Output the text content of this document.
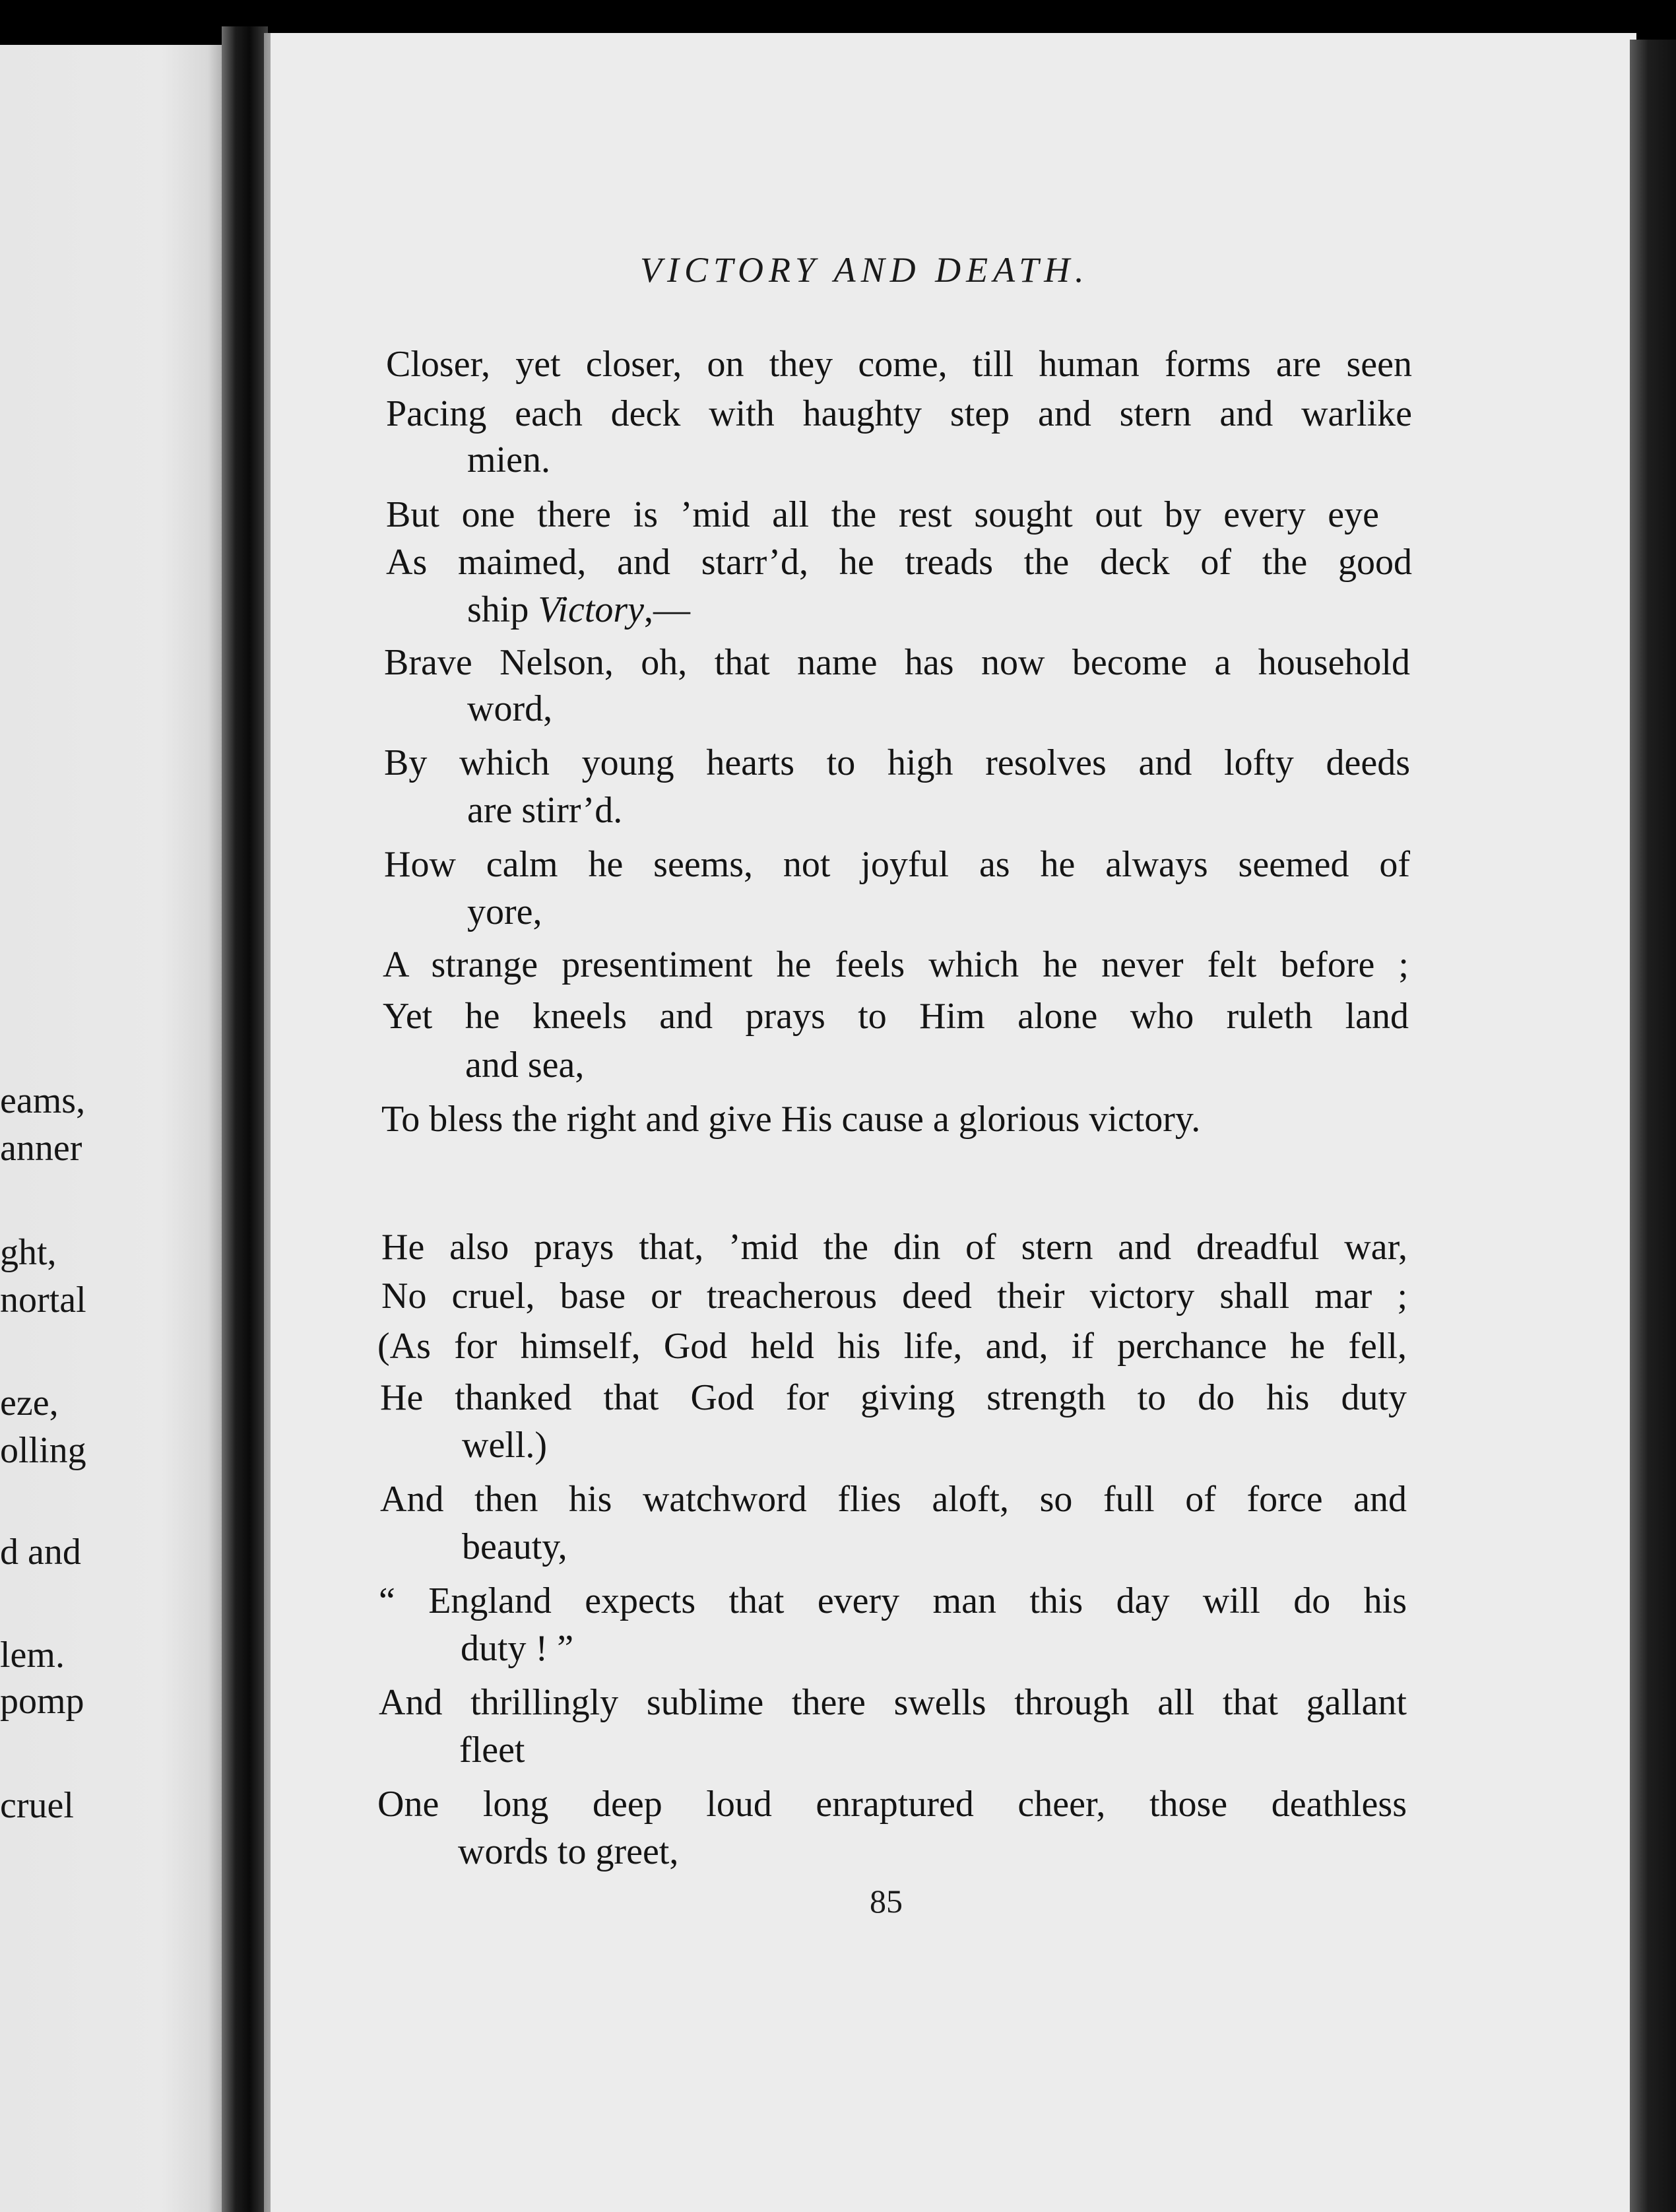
eams,
anner
ght,
nortal
eze,
olling
d and
lem.
pomp
cruel
VICTORY AND DEATH.
Closer, yet closer, on they come, till human forms are seen
Pacing each deck with haughty step and stern and warlike
mien.
But one there is ’mid all the rest sought out by every eye
As maimed, and starr’d, he treads the deck of the good
ship Victory,—
Brave Nelson, oh, that name has now become a household
word,
By which young hearts to high resolves and lofty deeds
are stirr’d.
How calm he seems, not joyful as he always seemed of
yore,
A strange presentiment he feels which he never felt before ;
Yet he kneels and prays to Him alone who ruleth land
and sea,
To bless the right and give His cause a glorious victory.
He also prays that, ’mid the din of stern and dreadful war,
No cruel, base or treacherous deed their victory shall mar ;
(As for himself, God held his life, and, if perchance he fell,
He thanked that God for giving strength to do his duty
well.)
And then his watchword flies aloft, so full of force and
beauty,
“ England expects that every man this day will do his
duty ! ”
And thrillingly sublime there swells through all that gallant
fleet
One long deep loud enraptured cheer, those deathless
words to greet,
85
